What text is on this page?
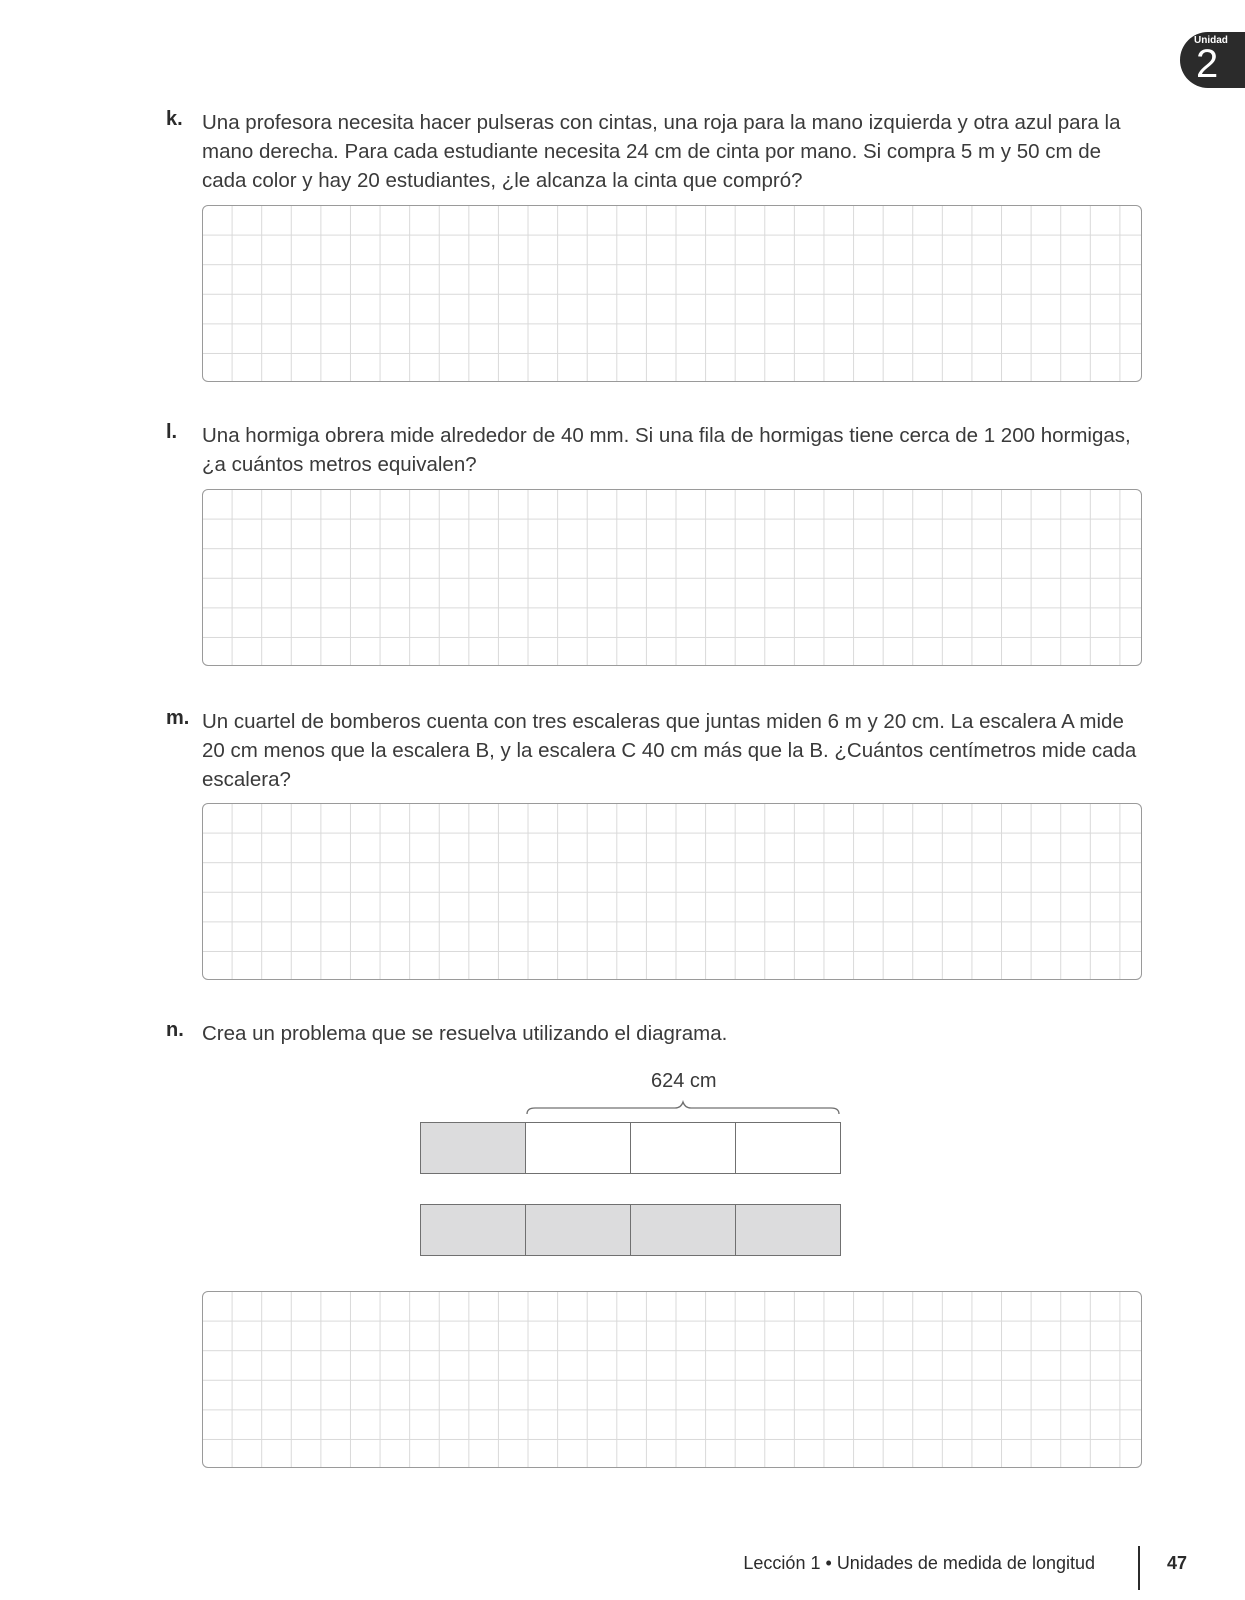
Unidad
2
k. Una profesora necesita hacer pulseras con cintas, una roja para la mano izquierda y otra azul para la mano derecha. Para cada estudiante necesita 24 cm de cinta por mano. Si compra 5 m y 50 cm de cada color y hay 20 estudiantes, ¿le alcanza la cinta que compró?
l. Una hormiga obrera mide alrededor de 40 mm. Si una fila de hormigas tiene cerca de 1 200 hormigas, ¿a cuántos metros equivalen?
m. Un cuartel de bomberos cuenta con tres escaleras que juntas miden 6 m y 20 cm. La escalera A mide 20 cm menos que la escalera B, y la escalera C 40 cm más que la B. ¿Cuántos centímetros mide cada escalera?
n. Crea un problema que se resuelva utilizando el diagrama.
624 cm
Lección 1 • Unidades de medida de longitud	47
